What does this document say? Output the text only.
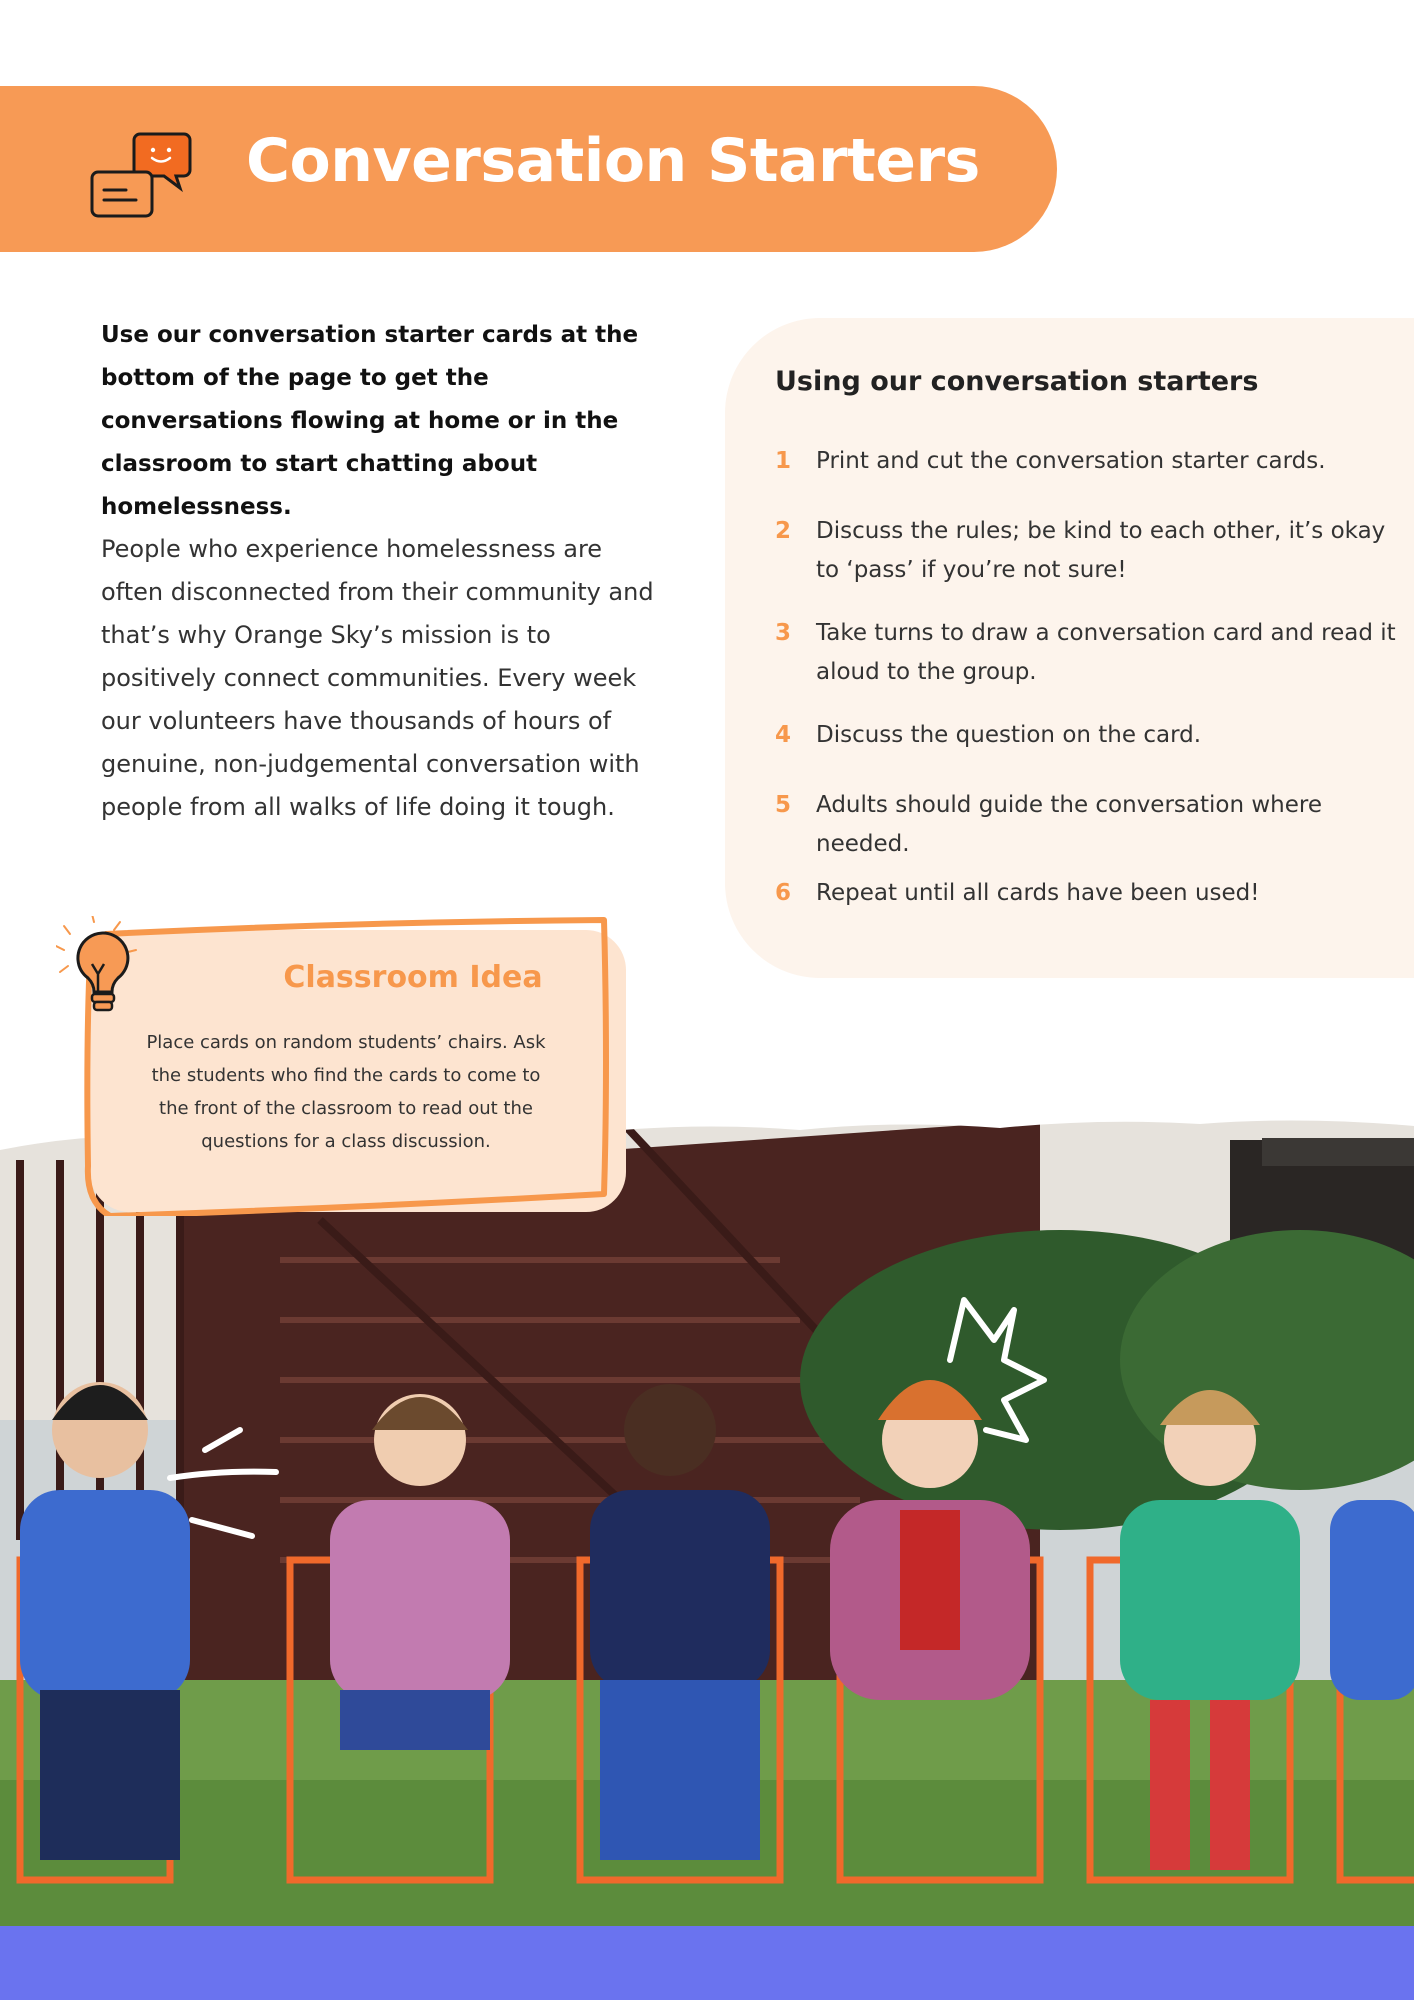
Conversation Starters
Use our conversation starter cards at the bottom of the page to get the conversations flowing at home or in the classroom to start chatting about homelessness.
People who experience homelessness are often disconnected from their community and that’s why Orange Sky’s mission is to positively connect communities. Every week our volunteers have thousands of hours of genuine, non-judgemental conversation with people from all walks of life doing it tough.
Using our conversation starters
1 Print and cut the conversation starter cards.
2 Discuss the rules; be kind to each other, it’s okay to ‘pass’ if you’re not sure!
3 Take turns to draw a conversation card and read it aloud to the group.
4 Discuss the question on the card.
5 Adults should guide the conversation where needed.
6 Repeat until all cards have been used!
Classroom Idea
Place cards on random students’ chairs. Ask the students who find the cards to come to the front of the classroom to read out the questions for a class discussion.
